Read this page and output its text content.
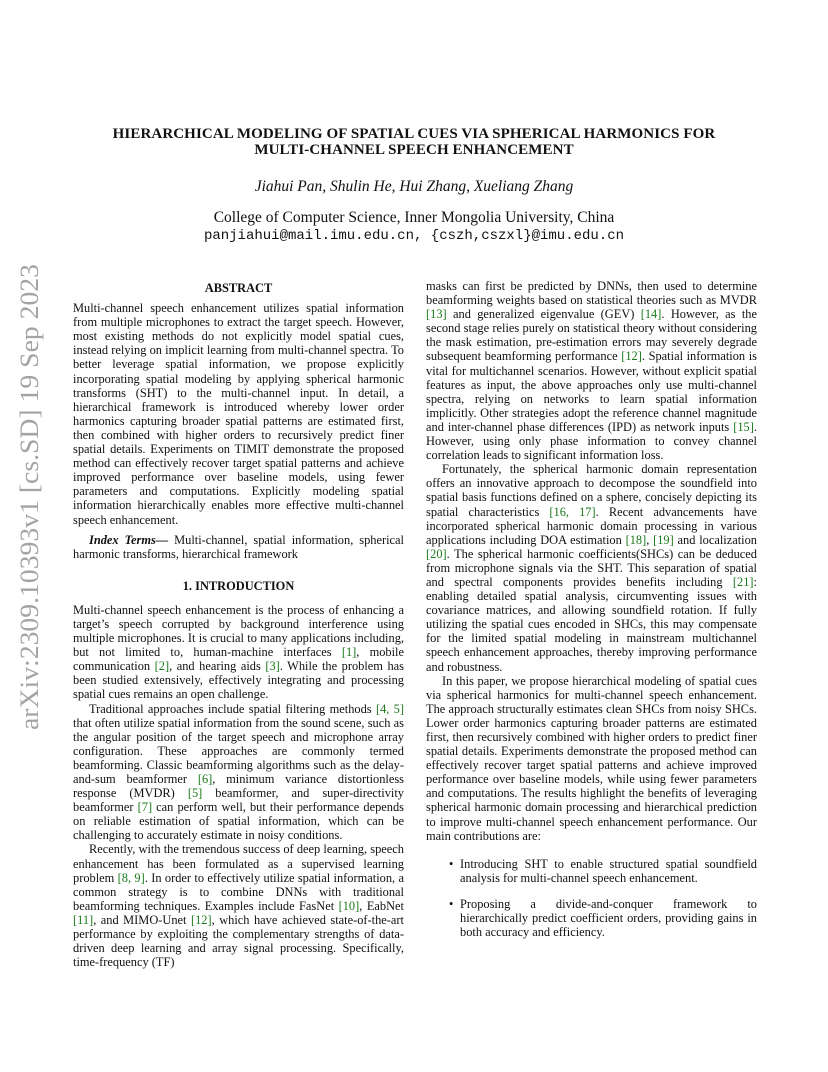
arXiv:2309.10393v1 [cs.SD] 19 Sep 2023
HIERARCHICAL MODELING OF SPATIAL CUES VIA SPHERICAL HARMONICS FOR
MULTI-CHANNEL SPEECH ENHANCEMENT
Jiahui Pan, Shulin He, Hui Zhang, Xueliang Zhang
College of Computer Science, Inner Mongolia University, China
panjiahui@mail.imu.edu.cn, {cszh,cszxl}@imu.edu.cn
ABSTRACT

Multi-channel speech enhancement utilizes spatial information from multiple microphones to extract the target speech. However, most existing methods do not explicitly model spatial cues, instead relying on implicit learning from multi-channel spectra. To better leverage spatial information, we propose explicitly incorporating spatial modeling by applying spherical harmonic transforms (SHT) to the multi-channel input. In detail, a hierarchical framework is introduced whereby lower order harmonics capturing broader spatial patterns are estimated first, then combined with higher orders to recursively predict finer spatial details. Experiments on TIMIT demonstrate the proposed method can effectively recover target spatial patterns and achieve improved performance over baseline models, using fewer parameters and computations. Explicitly modeling spatial information hierarchically enables more effective multi-channel speech enhancement.

Index Terms— Multi-channel, spatial information, spherical harmonic transforms, hierarchical framework

1. INTRODUCTION

Multi-channel speech enhancement is the process of enhancing a target’s speech corrupted by background interference using multiple microphones. It is crucial to many applications including, but not limited to, human-machine interfaces [1], mobile communication [2], and hearing aids [3]. While the problem has been studied extensively, effectively integrating and processing spatial cues remains an open challenge.

Traditional approaches include spatial filtering methods [4, 5] that often utilize spatial information from the sound scene, such as the angular position of the target speech and microphone array configuration. These approaches are commonly termed beamforming. Classic beamforming algorithms such as the delay-and-sum beamformer [6], minimum variance distortionless response (MVDR) [5] beamformer, and super-directivity beamformer [7] can perform well, but their performance depends on reliable estimation of spatial information, which can be challenging to accurately estimate in noisy conditions.

Recently, with the tremendous success of deep learning, speech enhancement has been formulated as a supervised learning problem [8, 9]. In order to effectively utilize spatial information, a common strategy is to combine DNNs with traditional beamforming techniques. Examples include FasNet [10], EabNet [11], and MIMO-Unet [12], which have achieved state-of-the-art performance by exploiting the complementary strengths of data-driven deep learning and array signal processing. Specifically, time-frequency (TF)

masks can first be predicted by DNNs, then used to determine beamforming weights based on statistical theories such as MVDR [13] and generalized eigenvalue (GEV) [14]. However, as the second stage relies purely on statistical theory without considering the mask estimation, pre-estimation errors may severely degrade subsequent beamforming performance [12]. Spatial information is vital for multichannel scenarios. However, without explicit spatial features as input, the above approaches only use multi-channel spectra, relying on networks to learn spatial information implicitly. Other strategies adopt the reference channel magnitude and inter-channel phase differences (IPD) as network inputs [15]. However, using only phase information to convey channel correlation leads to significant information loss.

Fortunately, the spherical harmonic domain representation offers an innovative approach to decompose the soundfield into spatial basis functions defined on a sphere, concisely depicting its spatial characteristics [16, 17]. Recent advancements have incorporated spherical harmonic domain processing in various applications including DOA estimation [18], [19] and localization [20]. The spherical harmonic coefficients(SHCs) can be deduced from microphone signals via the SHT. This separation of spatial and spectral components provides benefits including [21]: enabling detailed spatial analysis, circumventing issues with covariance matrices, and allowing soundfield rotation. If fully utilizing the spatial cues encoded in SHCs, this may compensate for the limited spatial modeling in mainstream multichannel speech enhancement approaches, thereby improving performance and robustness.

In this paper, we propose hierarchical modeling of spatial cues via spherical harmonics for multi-channel speech enhancement. The approach structurally estimates clean SHCs from noisy SHCs. Lower order harmonics capturing broader patterns are estimated first, then recursively combined with higher orders to predict finer spatial details. Experiments demonstrate the proposed method can effectively recover target spatial patterns and achieve improved performance over baseline models, while using fewer parameters and computations. The results highlight the benefits of leveraging spherical harmonic domain processing and hierarchical prediction to improve multi-channel speech enhancement performance. Our main contributions are:

• Introducing SHT to enable structured spatial soundfield analysis for multi-channel speech enhancement.
• Proposing a divide-and-conquer framework to hierarchically predict coefficient orders, providing gains in both accuracy and efficiency.
